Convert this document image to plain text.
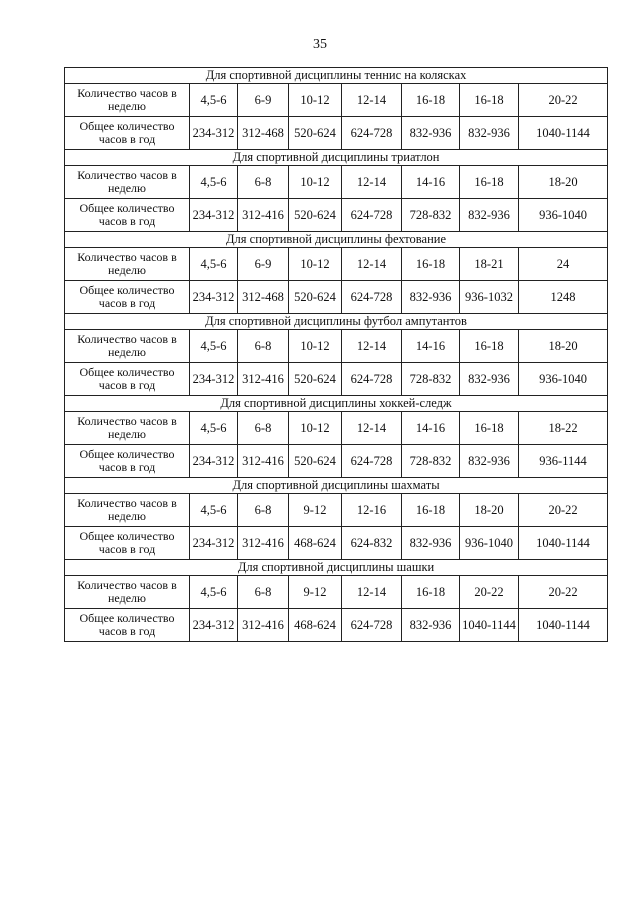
35
Для спортивной дисциплины теннис на колясках							
Количество часов в неделю	4,5-6	6-9	10-12	12-14	16-18	16-18	20-22
Общее количество часов в год	234-312	312-468	520-624	624-728	832-936	832-936	1040-1144
Для спортивной дисциплины триатлон							
Количество часов в неделю	4,5-6	6-8	10-12	12-14	14-16	16-18	18-20
Общее количество часов в год	234-312	312-416	520-624	624-728	728-832	832-936	936-1040
Для спортивной дисциплины фехтование							
Количество часов в неделю	4,5-6	6-9	10-12	12-14	16-18	18-21	24
Общее количество часов в год	234-312	312-468	520-624	624-728	832-936	936-1032	1248
Для спортивной дисциплины футбол ампутантов							
Количество часов в неделю	4,5-6	6-8	10-12	12-14	14-16	16-18	18-20
Общее количество часов в год	234-312	312-416	520-624	624-728	728-832	832-936	936-1040
Для спортивной дисциплины хоккей-следж							
Количество часов в неделю	4,5-6	6-8	10-12	12-14	14-16	16-18	18-22
Общее количество часов в год	234-312	312-416	520-624	624-728	728-832	832-936	936-1144
Для спортивной дисциплины шахматы							
Количество часов в неделю	4,5-6	6-8	9-12	12-16	16-18	18-20	20-22
Общее количество часов в год	234-312	312-416	468-624	624-832	832-936	936-1040	1040-1144
Для спортивной дисциплины шашки							
Количество часов в неделю	4,5-6	6-8	9-12	12-14	16-18	20-22	20-22
Общее количество часов в год	234-312	312-416	468-624	624-728	832-936	1040-1144	1040-1144
